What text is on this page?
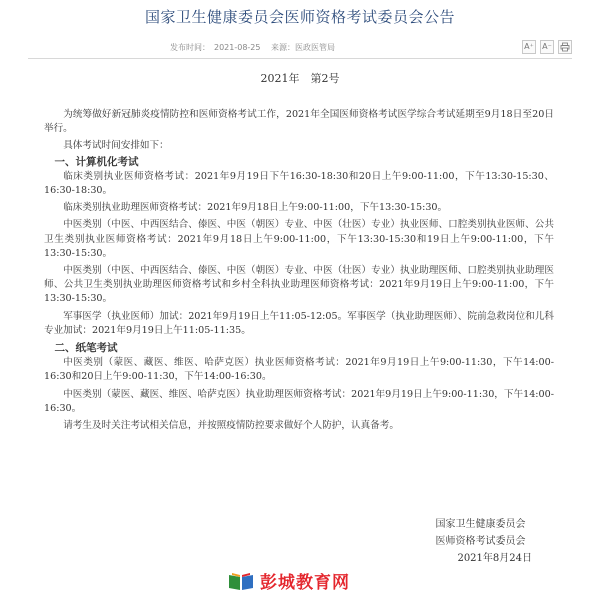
国家卫生健康委员会医师资格考试委员会公告
发布时间：　2021-08-25 来源：医政医管局	A⁺ A⁻
2021年　第2号

为统筹做好新冠肺炎疫情防控和医师资格考试工作，2021年全国医师资格考试医学综合考试延期至9月18日至20日举行。

具体考试时间安排如下：

一、计算机化考试

临床类别执业医师资格考试：2021年9月19日下午16:30-18:30和20日上午9:00-11:00，下午13:30-15:30、16:30-18:30。

临床类别执业助理医师资格考试：2021年9月18日上午9:00-11:00，下午13:30-15:30。

中医类别（中医、中西医结合、傣医、中医（朝医）专业、中医（壮医）专业）执业医师、口腔类别执业医师、公共卫生类别执业医师资格考试：2021年9月18日上午9:00-11:00，下午13:30-15:30和19日上午9:00-11:00，下午13:30-15:30。

中医类别（中医、中西医结合、傣医、中医（朝医）专业、中医（壮医）专业）执业助理医师、口腔类别执业助理医师、公共卫生类别执业助理医师资格考试和乡村全科执业助理医师资格考试：2021年9月19日上午9:00-11:00，下午13:30-15:30。

军事医学（执业医师）加试：2021年9月19日上午11:05-12:05。军事医学（执业助理医师）、院前急救岗位和儿科专业加试：2021年9月19日上午11:05-11:35。

二、纸笔考试

中医类别（蒙医、藏医、维医、哈萨克医）执业医师资格考试：2021年9月19日上午9:00-11:30，下午14:00-16:30和20日上午9:00-11:30，下午14:00-16:30。

中医类别（蒙医、藏医、维医、哈萨克医）执业助理医师资格考试：2021年9月19日上午9:00-11:30，下午14:00-16:30。

请考生及时关注考试相关信息，并按照疫情防控要求做好个人防护，认真备考。

国家卫生健康委员会
医师资格考试委员会
2021年8月24日
彭城教育网
